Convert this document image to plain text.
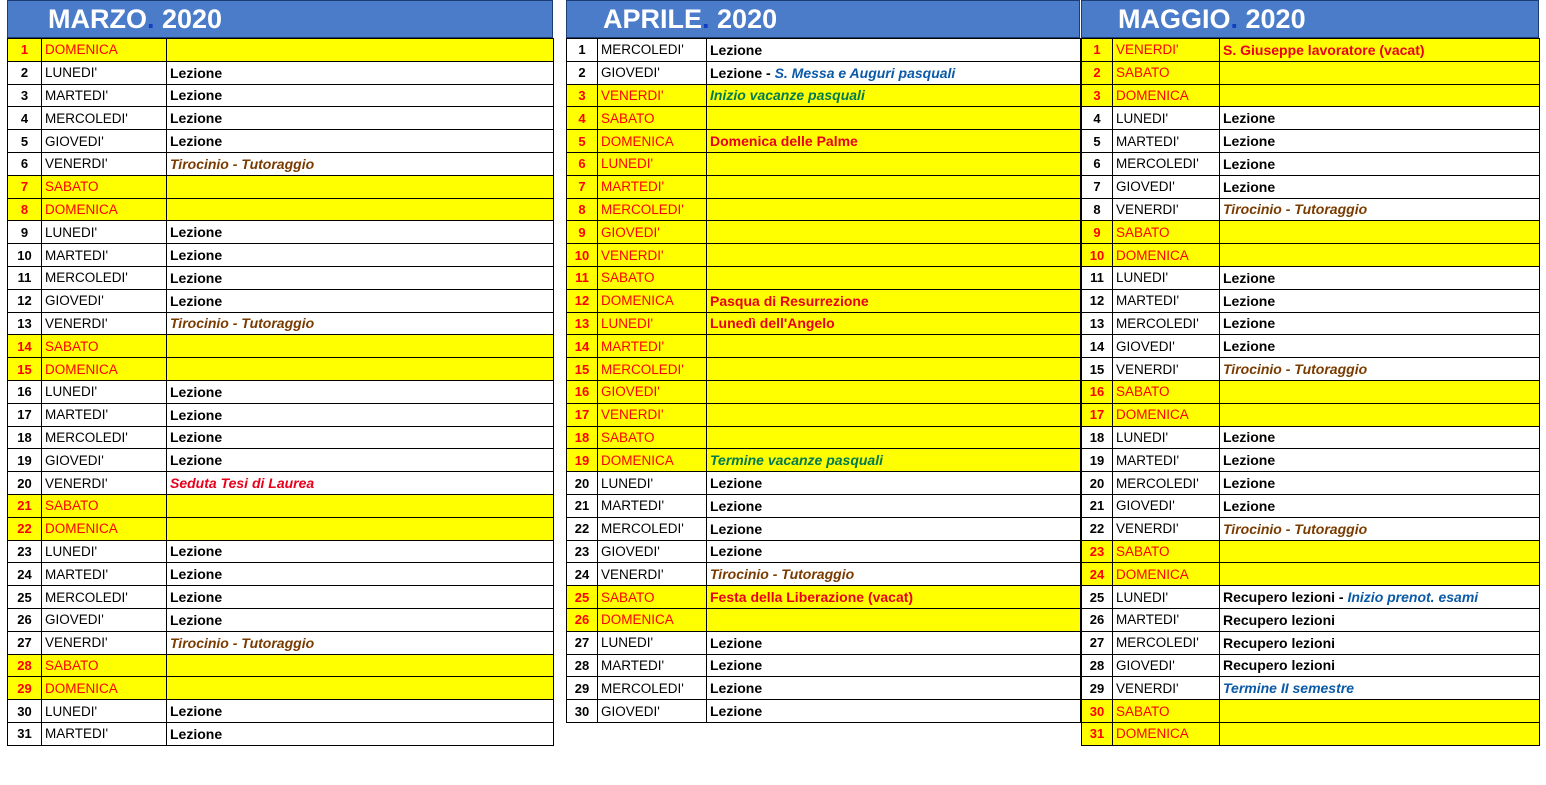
MARZO. 2020
1	DOMENICA	
2	LUNEDI'	Lezione
3	MARTEDI'	Lezione
4	MERCOLEDI'	Lezione
5	GIOVEDI'	Lezione
6	VENERDI'	Tirocinio - Tutoraggio
7	SABATO	
8	DOMENICA	
9	LUNEDI'	Lezione
10	MARTEDI'	Lezione
11	MERCOLEDI'	Lezione
12	GIOVEDI'	Lezione
13	VENERDI'	Tirocinio - Tutoraggio
14	SABATO	
15	DOMENICA	
16	LUNEDI'	Lezione
17	MARTEDI'	Lezione
18	MERCOLEDI'	Lezione
19	GIOVEDI'	Lezione
20	VENERDI'	Seduta Tesi di Laurea
21	SABATO	
22	DOMENICA	
23	LUNEDI'	Lezione
24	MARTEDI'	Lezione
25	MERCOLEDI'	Lezione
26	GIOVEDI'	Lezione
27	VENERDI'	Tirocinio - Tutoraggio
28	SABATO	
29	DOMENICA	
30	LUNEDI'	Lezione
31	MARTEDI'	Lezione
APRILE. 2020
1	MERCOLEDI'	Lezione
2	GIOVEDI'	Lezione - S. Messa e Auguri pasquali
3	VENERDI'	Inizio vacanze pasquali
4	SABATO	
5	DOMENICA	Domenica delle Palme
6	LUNEDI'	
7	MARTEDI'	
8	MERCOLEDI'	
9	GIOVEDI'	
10	VENERDI'	
11	SABATO	
12	DOMENICA	Pasqua di Resurrezione
13	LUNEDI'	Lunedì dell'Angelo
14	MARTEDI'	
15	MERCOLEDI'	
16	GIOVEDI'	
17	VENERDI'	
18	SABATO	
19	DOMENICA	Termine vacanze pasquali
20	LUNEDI'	Lezione
21	MARTEDI'	Lezione
22	MERCOLEDI'	Lezione
23	GIOVEDI'	Lezione
24	VENERDI'	Tirocinio - Tutoraggio
25	SABATO	Festa della Liberazione (vacat)
26	DOMENICA	
27	LUNEDI'	Lezione
28	MARTEDI'	Lezione
29	MERCOLEDI'	Lezione
30	GIOVEDI'	Lezione
MAGGIO. 2020
1	VENERDI'	S. Giuseppe lavoratore (vacat)
2	SABATO	
3	DOMENICA	
4	LUNEDI'	Lezione
5	MARTEDI'	Lezione
6	MERCOLEDI'	Lezione
7	GIOVEDI'	Lezione
8	VENERDI'	Tirocinio - Tutoraggio
9	SABATO	
10	DOMENICA	
11	LUNEDI'	Lezione
12	MARTEDI'	Lezione
13	MERCOLEDI'	Lezione
14	GIOVEDI'	Lezione
15	VENERDI'	Tirocinio - Tutoraggio
16	SABATO	
17	DOMENICA	
18	LUNEDI'	Lezione
19	MARTEDI'	Lezione
20	MERCOLEDI'	Lezione
21	GIOVEDI'	Lezione
22	VENERDI'	Tirocinio - Tutoraggio
23	SABATO	
24	DOMENICA	
25	LUNEDI'	Recupero lezioni - Inizio prenot. esami
26	MARTEDI'	Recupero lezioni
27	MERCOLEDI'	Recupero lezioni
28	GIOVEDI'	Recupero lezioni
29	VENERDI'	Termine II semestre
30	SABATO	
31	DOMENICA	
